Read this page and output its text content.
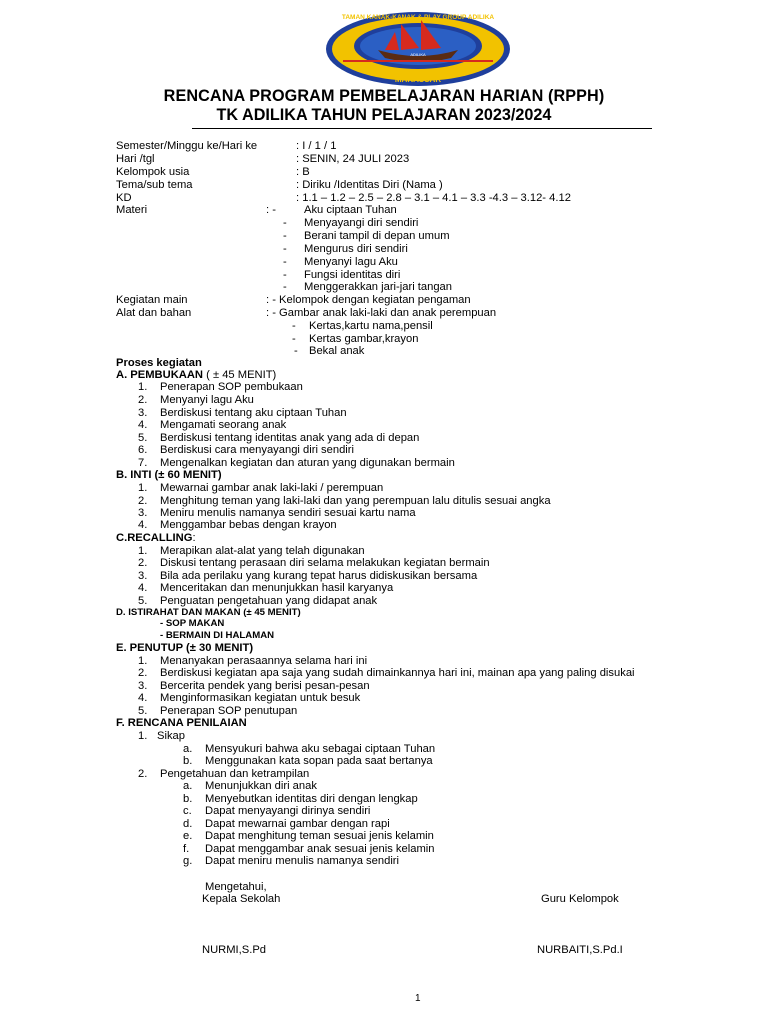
MAKASSAR
TAMAN KANAK-KANAK & PLAY GROUP ADILIKA
ADILIKA
RENCANA PROGRAM PEMBELAJARAN HARIAN (RPPH)
TK ADILIKA TAHUN PELAJARAN 2023/2024
Semester/Minggu ke/Hari ke	: I / 1 / 1
Hari /tgl	: SENIN, 24 JULI 2023
Kelompok usia	: B
Tema/sub tema	: Diriku /Identitas Diri (Nama )
KD	: 1.1 – 1.2 – 2.5 – 2.8 – 3.1 – 4.1 – 3.3 -4.3 – 3.12- 4.12
Materi	: -	Aku ciptaan Tuhan
- Menyayangi diri sendiri
- Berani tampil di depan umum
- Mengurus diri sendiri
- Menyanyi lagu Aku
- Fungsi identitas diri
- Menggerakkan jari-jari tangan
Kegiatan main	: - Kelompok dengan kegiatan pengaman
Alat dan bahan	: - Gambar anak laki-laki dan anak perempuan
- Kertas,kartu nama,pensil
- Kertas gambar,krayon
- Bekal anak
Proses kegiatan
A. PEMBUKAAN ( ± 45 MENIT)
1. Penerapan SOP pembukaan
2. Menyanyi lagu Aku
3. Berdiskusi tentang aku ciptaan Tuhan
4. Mengamati seorang anak
5. Berdiskusi tentang identitas anak yang ada di depan
6. Berdiskusi cara menyayangi diri sendiri
7. Mengenalkan kegiatan dan aturan yang digunakan bermain
B. INTI (± 60 MENIT)
1. Mewarnai gambar anak laki-laki / perempuan
2. Menghitung teman yang laki-laki dan yang perempuan lalu ditulis sesuai angka
3. Meniru menulis namanya sendiri sesuai kartu nama
4. Menggambar bebas dengan krayon
C.RECALLING:
1. Merapikan alat-alat yang telah digunakan
2. Diskusi tentang perasaan diri selama melakukan kegiatan bermain
3. Bila ada perilaku yang kurang tepat harus didiskusikan bersama
4. Menceritakan dan menunjukkan hasil karyanya
5. Penguatan pengetahuan yang didapat anak
D. ISTIRAHAT DAN MAKAN (± 45 MENIT)
- SOP MAKAN
- BERMAIN DI HALAMAN
E. PENUTUP (± 30 MENIT)
1. Menanyakan perasaannya selama hari ini
2. Berdiskusi kegiatan apa saja yang sudah dimainkannya hari ini, mainan apa yang paling disukai
3. Bercerita pendek yang berisi pesan-pesan
4. Menginformasikan kegiatan untuk besuk
5. Penerapan SOP penutupan
F. RENCANA PENILAIAN
1. Sikap
a. Mensyukuri bahwa aku sebagai ciptaan Tuhan
b. Menggunakan kata sopan pada saat bertanya
2. Pengetahuan dan ketrampilan
a. Menunjukkan diri anak
b. Menyebutkan identitas diri dengan lengkap
c. Dapat menyayangi dirinya sendiri
d. Dapat mewarnai gambar dengan rapi
e. Dapat menghitung teman sesuai jenis kelamin
f. Dapat menggambar anak sesuai jenis kelamin
g. Dapat meniru menulis namanya sendiri
Mengetahui,
Kepala Sekolah	Guru Kelompok
NURMI,S.Pd	NURBAITI,S.Pd.I
1
